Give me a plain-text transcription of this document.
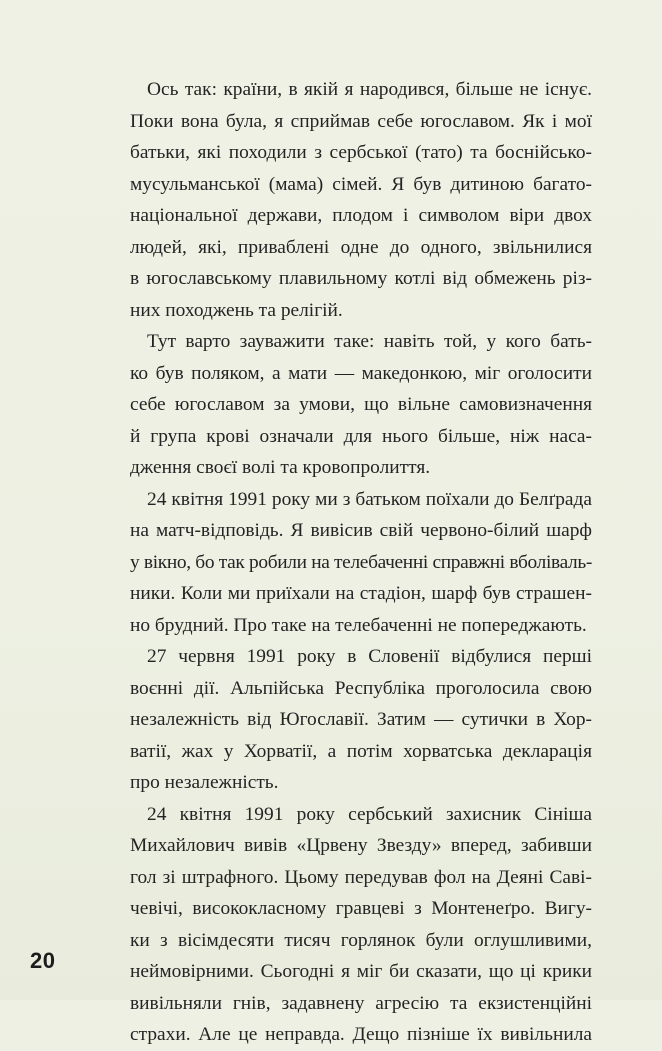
Ось так: країни, в якій я народився, більше не існує.
Поки вона була, я сприймав себе югославом. Як і мої
батьки, які походили з сербської (тато) та боснійсько-
мусульманської (мама) сімей. Я був дитиною багато-
національної держави, плодом і символом віри двох
людей, які, приваблені одне до одного, звільнилися
в югославському плавильному котлі від обмежень різ-
них походжень та релігій.
Тут варто зауважити таке: навіть той, у кого бать-
ко був поляком, а мати — македонкою, міг оголосити
себе югославом за умови, що вільне самовизначення
й група крові означали для нього більше, ніж наса-
дження своєї волі та кровопролиття.
24 квітня 1991 року ми з батьком поїхали до Белґрада
на матч-відповідь. Я вивісив свій червоно-білий шарф
у вікно, бо так робили на телебаченні справжні вболіваль-
ники. Коли ми приїхали на стадіон, шарф був страшен-
но брудний. Про таке на телебаченні не попереджають.
27 червня 1991 року в Словенії відбулися перші
воєнні дії. Альпійська Республіка проголосила свою
незалежність від Югославії. Затим — сутички в Хор-
ватії, жах у Хорватії, а потім хорватська декларація
про незалежність.
24 квітня 1991 року сербський захисник Сініша
Михайлович вивів «Црвену Звезду» вперед, забивши
гол зі штрафного. Цьому передував фол на Деяні Саві-
чевічі, висококласному гравцеві з Монтенеґро. Вигу-
ки з вісімдесяти тисяч горлянок були оглушливими,
неймовірними. Сьогодні я міг би сказати, що ці крики
вивільняли гнів, задавнену агресію та екзистенційні
страхи. Але це неправда. Дещо пізніше їх вивільнила
20
